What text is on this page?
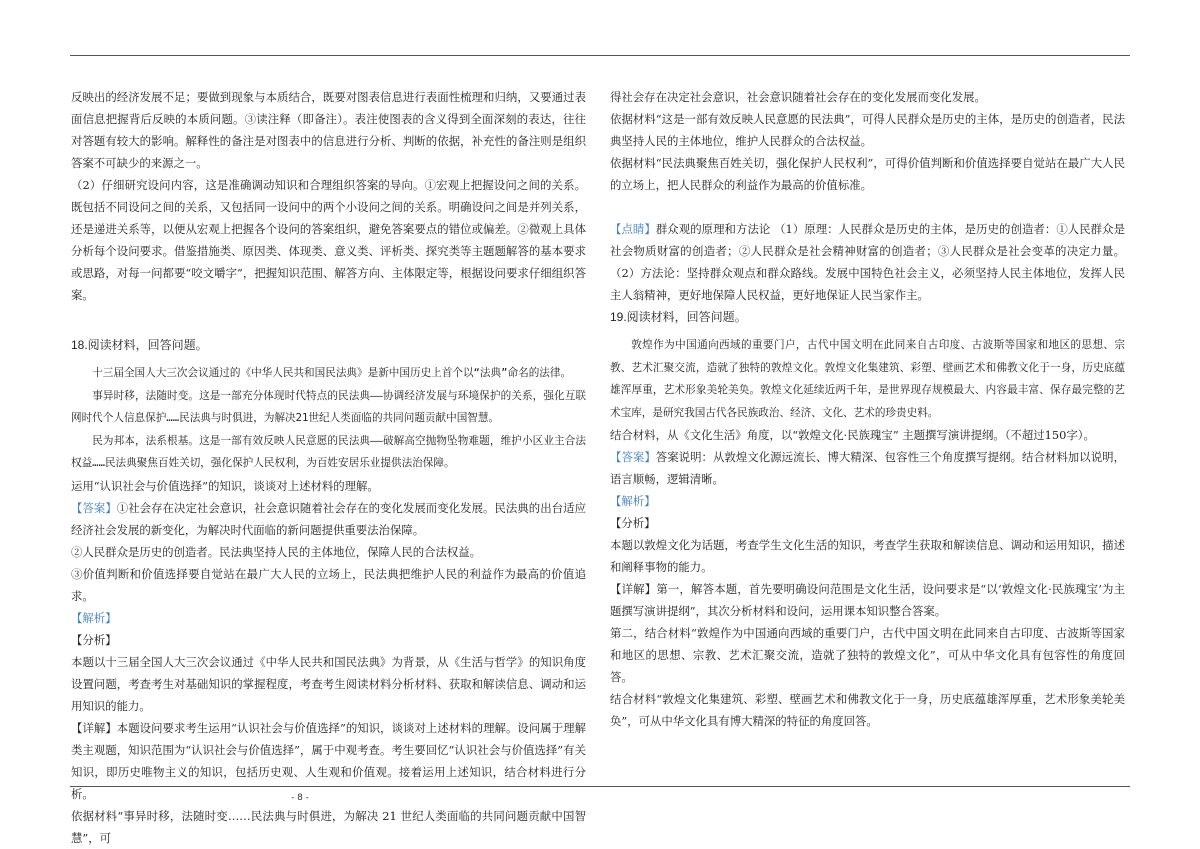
反映出的经济发展不足；要做到现象与本质结合，既要对图表信息进行表面性梳理和归纳，又要通过表面信息把握背后反映的本质问题。③读注释（即备注）。表注使图表的含义得到全面深刻的表达，往往对答题有较大的影响。解释性的备注是对图表中的信息进行分析、判断的依据，补充性的备注则是组织答案不可缺少的来源之一。

（2）仔细研究设问内容，这是准确调动知识和合理组织答案的导向。①宏观上把握设问之间的关系。既包括不同设问之间的关系，又包括同一设问中的两个小设问之间的关系。明确设问之间是并列关系，还是递进关系等，以便从宏观上把握各个设问的答案组织，避免答案要点的错位或偏差。②微观上具体分析每个设问要求。借鉴措施类、原因类、体现类、意义类、评析类、探究类等主题题解答的基本要求或思路，对每一问都要“咬文嚼字”，把握知识范围、解答方向、主体限定等，根据设问要求仔细组织答案。

18.阅读材料，回答问题。

十三届全国人大三次会议通过的《中华人民共和国民法典》是新中国历史上首个以“法典”命名的法律。

事异时移，法随时变。这是一部充分体现时代特点的民法典——协调经济发展与环境保护的关系，强化互联网时代个人信息保护……民法典与时俱进，为解决21世纪人类面临的共同问题贡献中国智慧。

民为邦本，法系根基。这是一部有效反映人民意愿的民法典——破解高空抛物坠物难题，维护小区业主合法权益……民法典聚焦百姓关切，强化保护人民权利，为百姓安居乐业提供法治保障。

运用“认识社会与价值选择”的知识，谈谈对上述材料的理解。

【答案】①社会存在决定社会意识，社会意识随着社会存在的变化发展而变化发展。民法典的出台适应经济社会发展的新变化，为解决时代面临的新问题提供重要法治保障。

②人民群众是历史的创造者。民法典坚持人民的主体地位，保障人民的合法权益。

③价值判断和价值选择要自觉站在最广大人民的立场上，民法典把维护人民的利益作为最高的价值追求。

【解析】

【分析】

本题以十三届全国人大三次会议通过《中华人民共和国民法典》为背景，从《生活与哲学》的知识角度设置问题，考查考生对基础知识的掌握程度，考查考生阅读材料分析材料、获取和解读信息、调动和运用知识的能力。

【详解】本题设问要求考生运用“认识社会与价值选择”的知识，谈谈对上述材料的理解。设问属于理解类主观题，知识范围为“认识社会与价值选择”，属于中观考查。考生要回忆“认识社会与价值选择”有关知识，即历史唯物主义的知识，包括历史观、人生观和价值观。接着运用上述知识，结合材料进行分析。

依据材料“事异时移，法随时变……民法典与时俱进，为解决 21 世纪人类面临的共同问题贡献中国智慧”，可

得社会存在决定社会意识，社会意识随着社会存在的变化发展而变化发展。

依据材料“这是一部有效反映人民意愿的民法典”，可得人民群众是历史的主体，是历史的创造者，民法典坚持人民的主体地位，维护人民群众的合法权益。

依据材料“民法典聚焦百姓关切，强化保护人民权利”，可得价值判断和价值选择要自觉站在最广大人民的立场上，把人民群众的利益作为最高的价值标准。

【点睛】群众观的原理和方法论 （1）原理：人民群众是历史的主体，是历史的创造者：①人民群众是社会物质财富的创造者；②人民群众是社会精神财富的创造者；③人民群众是社会变革的决定力量。 （2）方法论：坚持群众观点和群众路线。发展中国特色社会主义，必须坚持人民主体地位，发挥人民主人翁精神，更好地保障人民权益，更好地保证人民当家作主。

19.阅读材料，回答问题。

敦煌作为中国通向西域的重要门户，古代中国文明在此同来自古印度、古波斯等国家和地区的思想、宗教、艺术汇聚交流，造就了独特的敦煌文化。敦煌文化集建筑、彩塑、壁画艺术和佛教文化于一身，历史底蕴雄浑厚重，艺术形象美轮美奂。敦煌文化延续近两千年，是世界现存规模最大、内容最丰富、保存最完整的艺术宝库，是研究我国古代各民族政治、经济、文化、艺术的珍贵史料。

结合材料，从《文化生活》角度，以“敦煌文化·民族瑰宝” 主题撰写演讲提纲。（不超过150字）。

【答案】答案说明：从敦煌文化源远流长、博大精深、包容性三个角度撰写提纲。结合材料加以说明，语言顺畅，逻辑清晰。

【解析】

【分析】

本题以敦煌文化为话题，考查学生文化生活的知识，考查学生获取和解读信息、调动和运用知识，描述和阐释事物的能力。

【详解】第一，解答本题，首先要明确设问范围是文化生活，设问要求是“以‘敦煌文化·民族瑰宝’为主题撰写演讲提纲”，其次分析材料和设问，运用课本知识整合答案。

第二，结合材料“敦煌作为中国通向西域的重要门户，古代中国文明在此同来自古印度、古波斯等国家和地区的思想、宗教、艺术汇聚交流，造就了独特的敦煌文化”，可从中华文化具有包容性的角度回答。

结合材料“敦煌文化集建筑、彩塑、壁画艺术和佛教文化于一身，历史底蕴雄浑厚重，艺术形象美轮美奂”，可从中华文化具有博大精深的特征的角度回答。

- 8 -
